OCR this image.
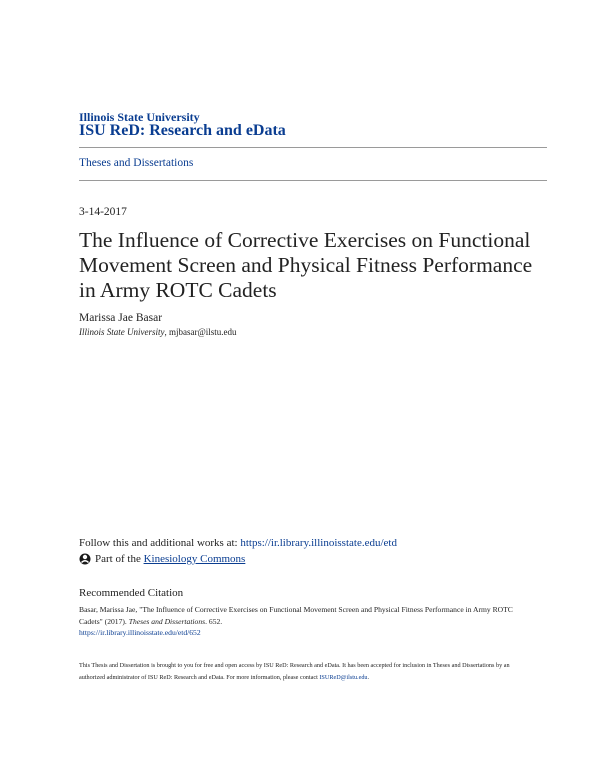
Illinois State University
ISU ReD: Research and eData
Theses and Dissertations
3-14-2017
The Influence of Corrective Exercises on Functional Movement Screen and Physical Fitness Performance in Army ROTC Cadets
Marissa Jae Basar
Illinois State University, mjbasar@ilstu.edu
Follow this and additional works at: https://ir.library.illinoisstate.edu/etd
Part of the
Kinesiology Commons
Recommended Citation
Basar, Marissa Jae, "The Influence of Corrective Exercises on Functional Movement Screen and Physical Fitness Performance in Army ROTC Cadets" (2017). Theses and Dissertations. 652.
https://ir.library.illinoisstate.edu/etd/652
This Thesis and Dissertation is brought to you for free and open access by ISU ReD: Research and eData. It has been accepted for inclusion in Theses and Dissertations by an authorized administrator of ISU ReD: Research and eData. For more information, please contact ISUReD@ilstu.edu.
